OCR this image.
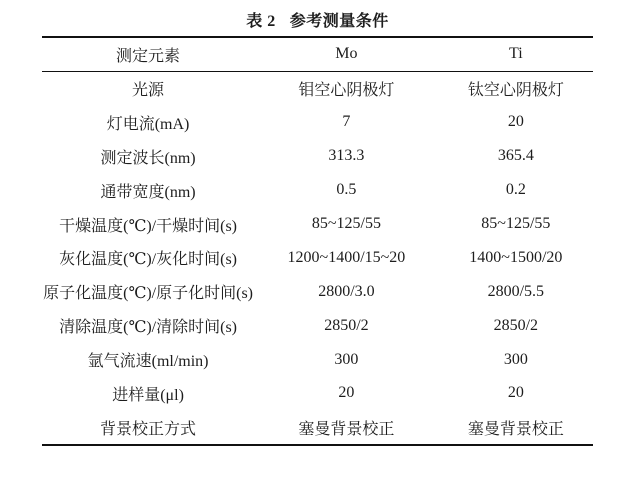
表 2 参考测量条件
测定元素	Mo	Ti
光源	钼空心阴极灯	钛空心阴极灯
灯电流(mA)	7	20
测定波长(nm)	313.3	365.4
通带宽度(nm)	0.5	0.2
干燥温度(℃)/干燥时间(s)	85~125/55	85~125/55
灰化温度(℃)/灰化时间(s)	1200~1400/15~20	1400~1500/20
原子化温度(℃)/原子化时间(s)	2800/3.0	2800/5.5
清除温度(℃)/清除时间(s)	2850/2	2850/2
氩气流速(ml/min)	300	300
进样量(μl)	20	20
背景校正方式	塞曼背景校正	塞曼背景校正
